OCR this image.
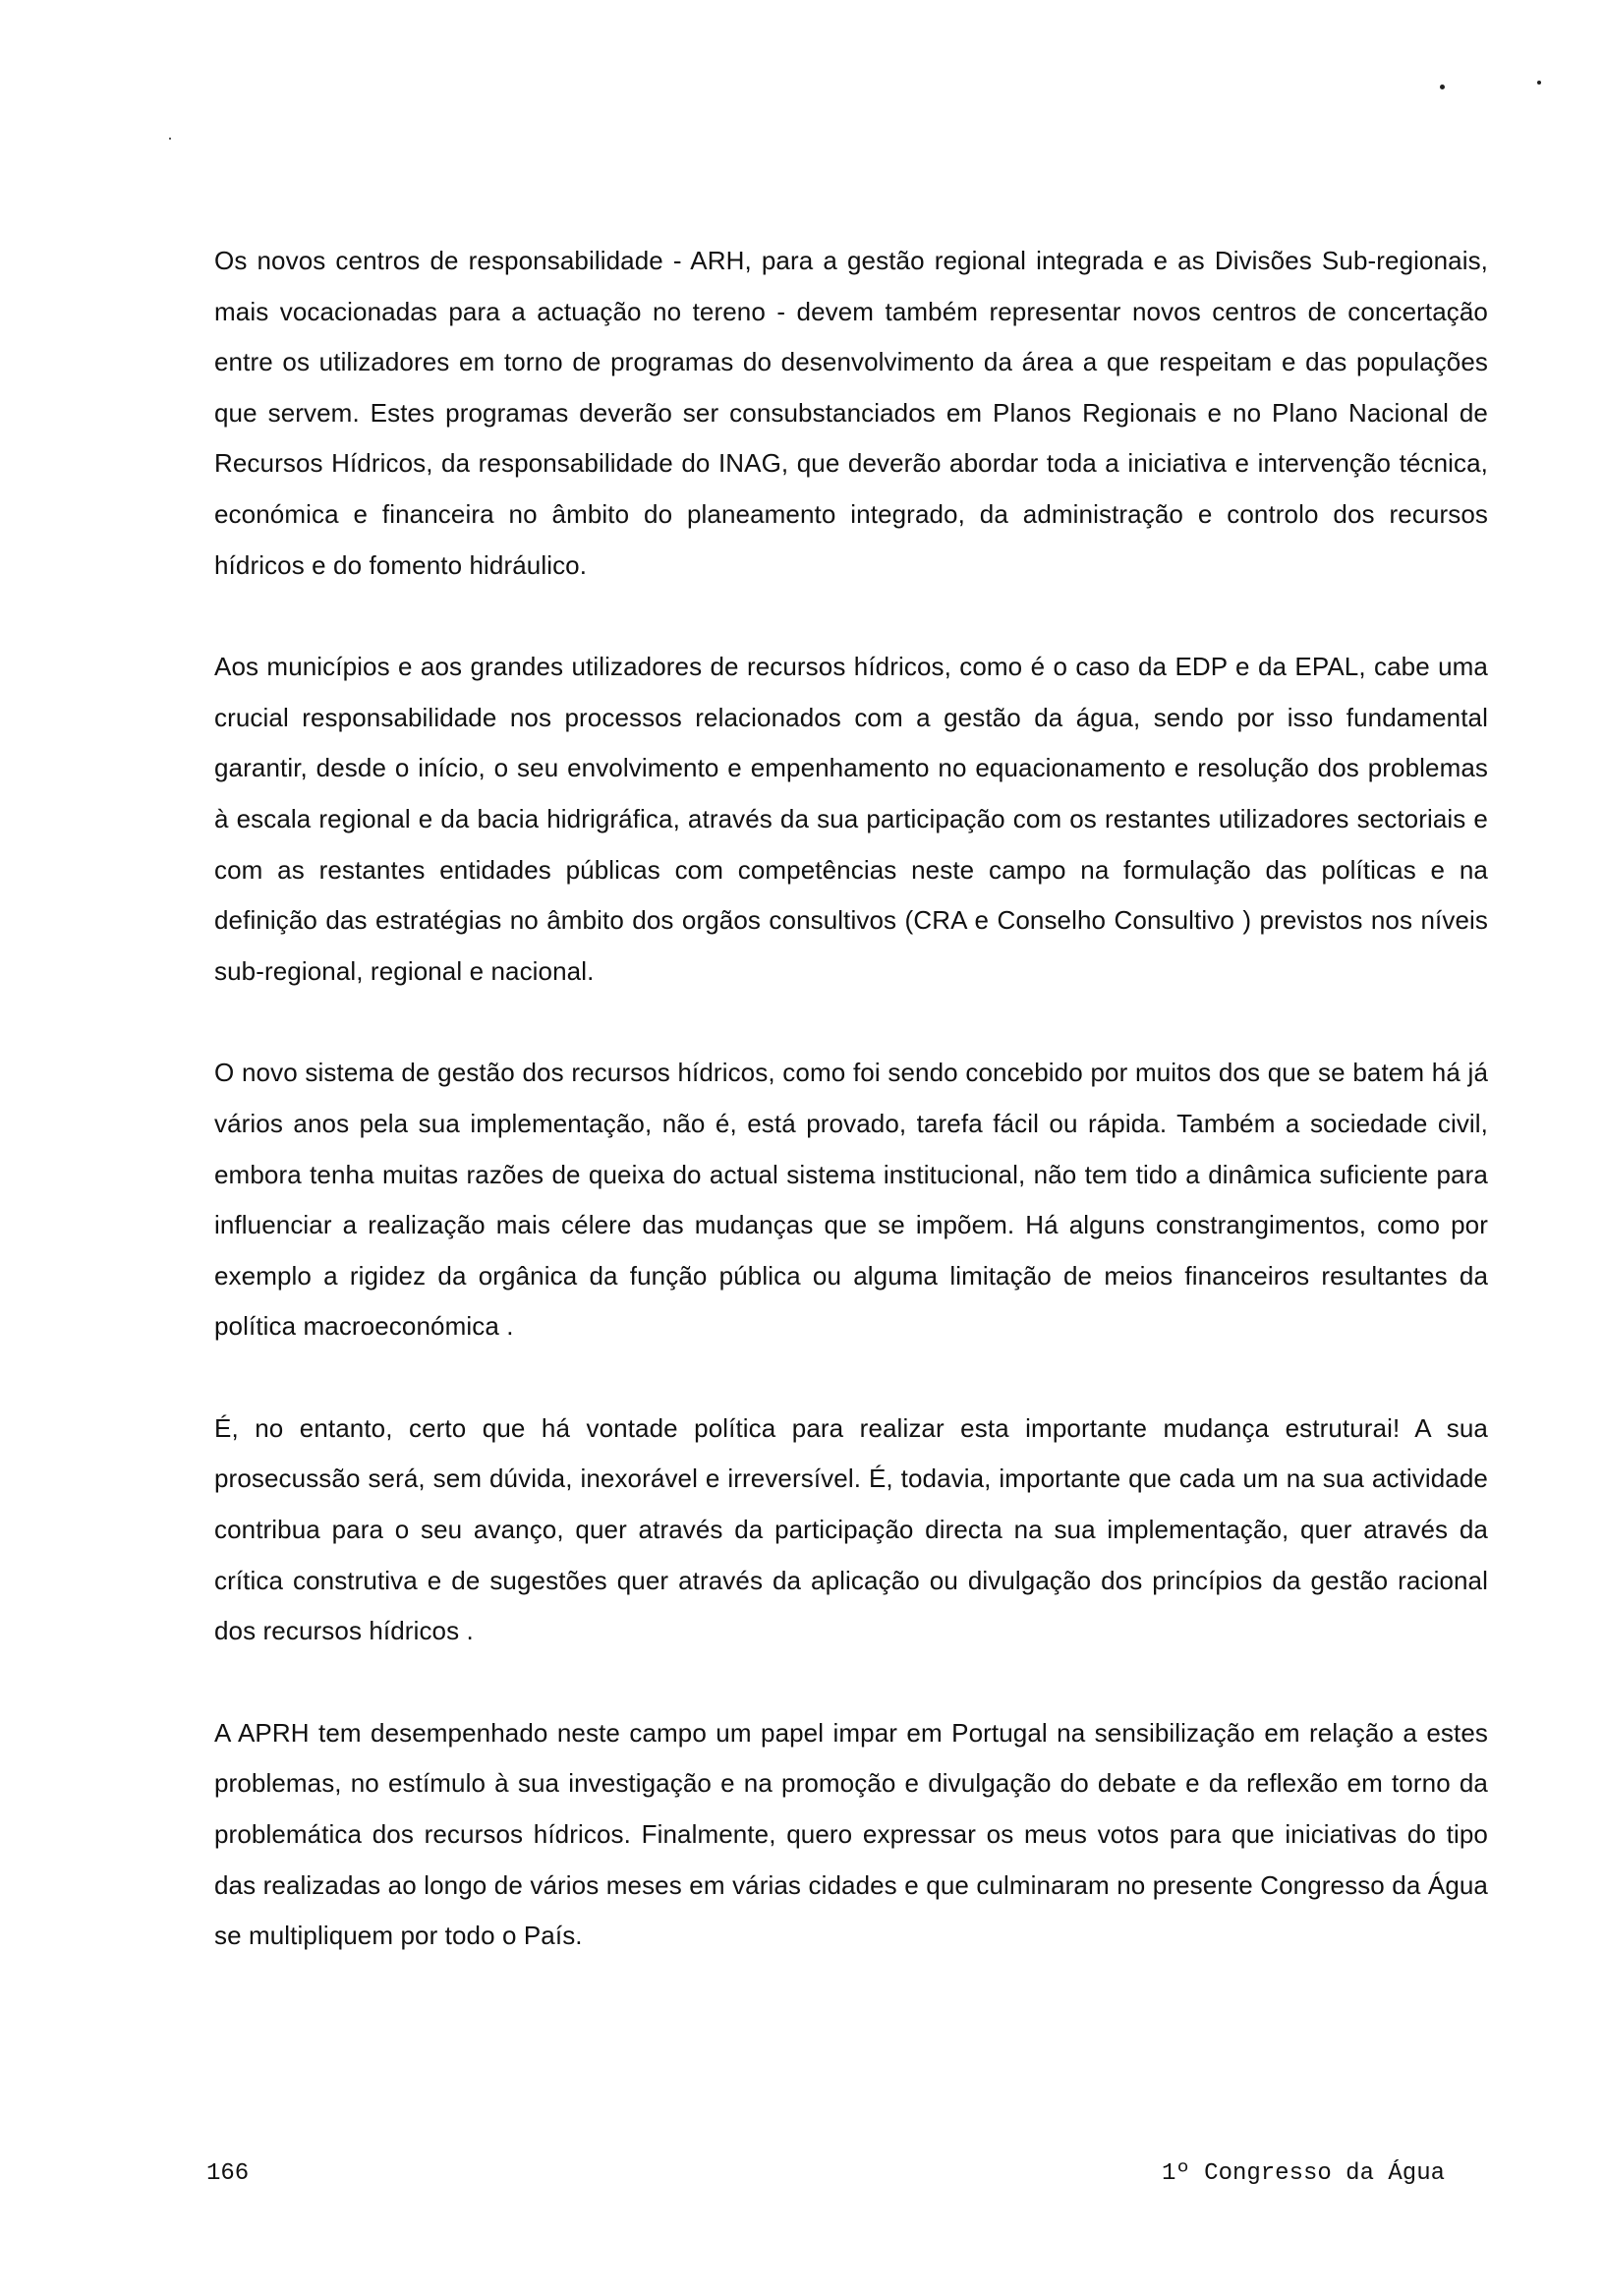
Os novos centros de responsabilidade - ARH, para a gestão regional integrada e as Divisões Sub-regionais, mais vocacionadas para a actuação no tereno - devem também representar novos centros de concertação entre os utilizadores em torno de programas do desenvolvimento da área a que respeitam e das populações que servem. Estes programas deverão ser consubstanciados em Planos Regionais e no Plano Nacional de Recursos Hídricos, da responsabilidade do INAG, que deverão abordar toda a iniciativa e intervenção técnica, económica e financeira no âmbito do planeamento integrado, da administração e controlo dos recursos hídricos e do fomento hidráulico.

Aos municípios e aos grandes utilizadores de recursos hídricos, como é o caso da EDP e da EPAL, cabe uma crucial responsabilidade nos processos relacionados com a gestão da água, sendo por isso fundamental garantir, desde o início, o seu envolvimento e empenhamento no equacionamento e resolução dos problemas à escala regional e da bacia hidrigráfica, através da sua participação com os restantes utilizadores sectoriais e com as restantes entidades públicas com competências neste campo na formulação das políticas e na definição das estratégias no âmbito dos orgãos consultivos (CRA e Conselho Consultivo ) previstos nos níveis sub-regional, regional e nacional.

O novo sistema de gestão dos recursos hídricos, como foi sendo concebido por muitos dos que se batem há já vários anos pela sua implementação, não é, está provado, tarefa fácil ou rápida. Também a sociedade civil, embora tenha muitas razões de queixa do actual sistema institucional, não tem tido a dinâmica suficiente para influenciar a realização mais célere das mudanças que se impõem. Há alguns constrangimentos, como por exemplo a rigidez da orgânica da função pública ou alguma limitação de meios financeiros resultantes da política macroeconómica .

É, no entanto, certo que há vontade política para realizar esta importante mudança estruturai! A sua prosecussão será, sem dúvida, inexorável e irreversível. É, todavia, importante que cada um na sua actividade contribua para o seu avanço, quer através da participação directa na sua implementação, quer através da crítica construtiva e de sugestões quer através da aplicação ou divulgação dos princípios da gestão racional dos recursos hídricos .

A APRH tem desempenhado neste campo um papel impar em Portugal na sensibilização em relação a estes problemas, no estímulo à sua investigação e na promoção e divulgação do debate e da reflexão em torno da problemática dos recursos hídricos. Finalmente, quero expressar os meus votos para que iniciativas do tipo das realizadas ao longo de vários meses em várias cidades e que culminaram no presente Congresso da Água se multipliquem por todo o País.

166	1º Congresso da Água
